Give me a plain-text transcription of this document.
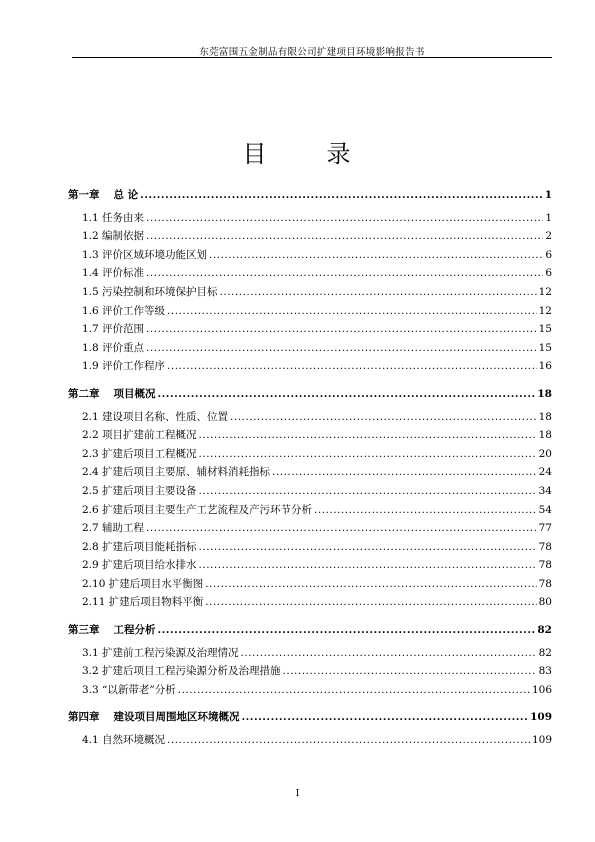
东莞富围五金制品有限公司扩建项目环境影响报告书
目 录
第一章 总 论 .....	1
1.1 任务由来 .....	1
1.2 编制依据 .....	2
1.3 评价区域环境功能区划 .....	6
1.4 评价标准 .....	6
1.5 污染控制和环境保护目标 .....	12
1.6 评价工作等级 .....	12
1.7 评价范围 .....	15
1.8 评价重点 .....	15
1.9 评价工作程序 .....	16
第二章 项目概况 .....	18
2.1 建设项目名称、性质、位置 .....	18
2.2 项目扩建前工程概况 .....	18
2.3 扩建后项目工程概况 .....	20
2.4 扩建后项目主要原、辅材料消耗指标 .....	24
2.5 扩建后项目主要设备 .....	34
2.6 扩建后项目主要生产工艺流程及产污环节分析 .....	54
2.7 辅助工程 .....	77
2.8 扩建后项目能耗指标 .....	78
2.9 扩建后项目给水排水 .....	78
2.10 扩建后项目水平衡图 .....	78
2.11 扩建后项目物料平衡 .....	80
第三章 工程分析 .....	82
3.1 扩建前工程污染源及治理情况 .....	82
3.2 扩建后项目工程污染源分析及治理措施 .....	83
3.3 “以新带老”分析 .....	106
第四章 建设项目周围地区环境概况 .....	109
4.1 自然环境概况 .....	109
I
